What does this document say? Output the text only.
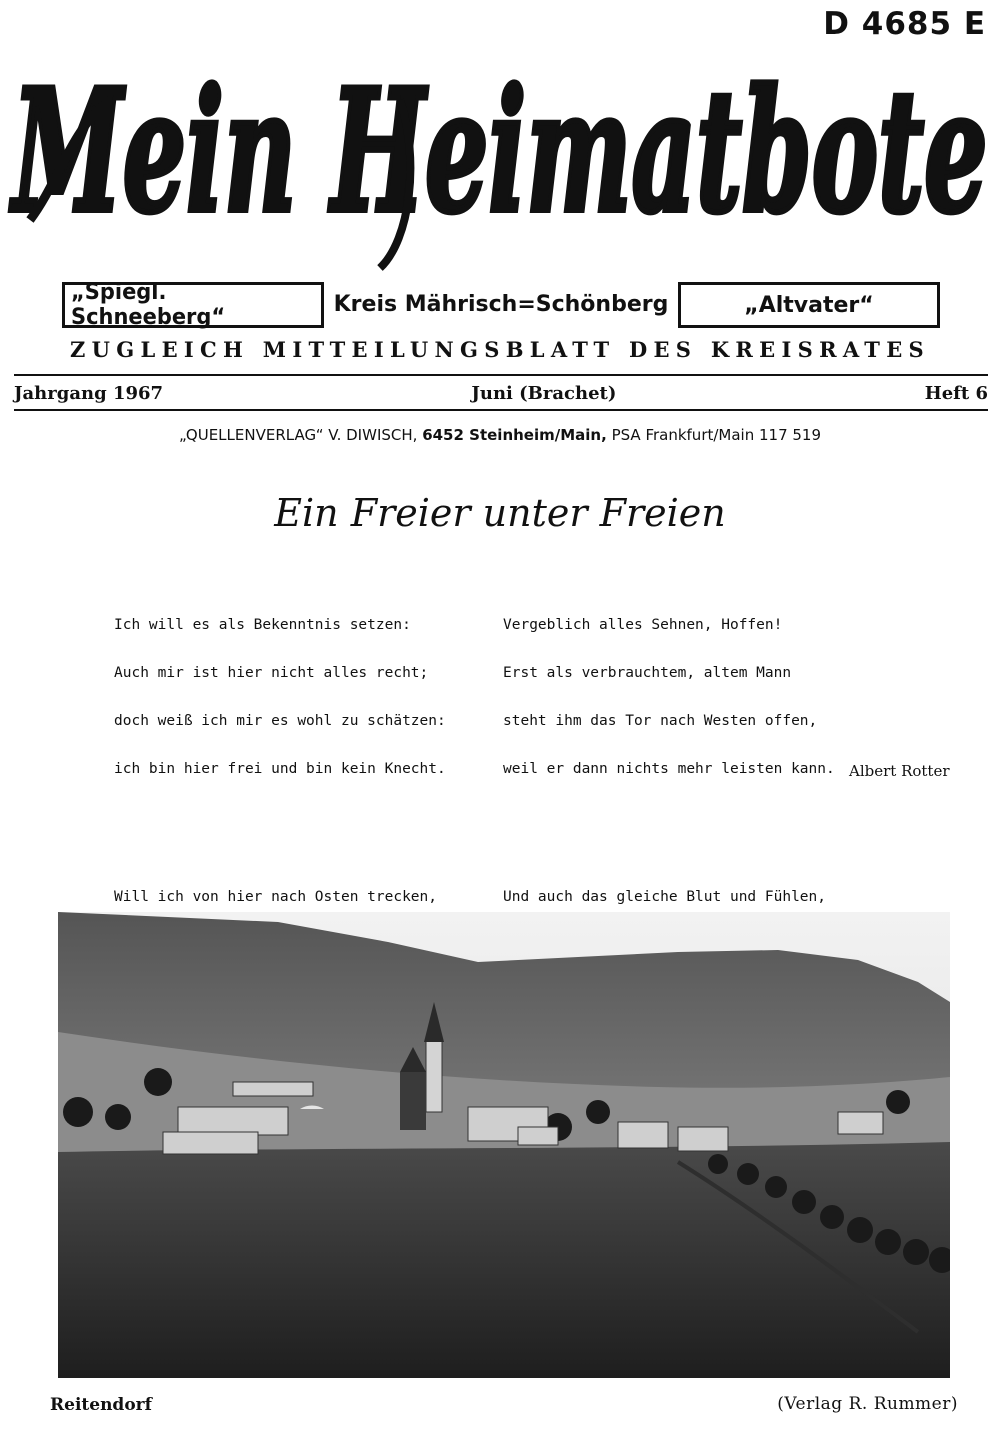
D 4685 E
Mein Heimatbote
„Spiegl. Schneeberg“
Kreis Mährisch=Schönberg	„Altvater“
ZUGLEICH MITTEILUNGSBLATT DES KREISRATES
Jahrgang 1967	Juni (Brachet)	Heft 6
„QUELLENVERLAG“ V. DIWISCH, 6452 Steinheim/Main, PSA Frankfurt/Main 117 519
Ein Freier unter Freien

Ich will es als Bekenntnis setzen:

Auch mir ist hier nicht alles recht;

doch weiß ich mir es wohl zu schätzen:

ich bin hier frei und bin kein Knecht.

Will ich von hier nach Osten trecken,

Vergeblich alles Sehnen, Hoffen!

Erst als verbrauchtem, altem Mann

steht ihm das Tor nach Westen offen,

weil er dann nichts mehr leisten kann.

Und auch das gleiche Blut und Fühlen,

Albert Rotter
Reitendorf	(Verlag R. Rummer)
